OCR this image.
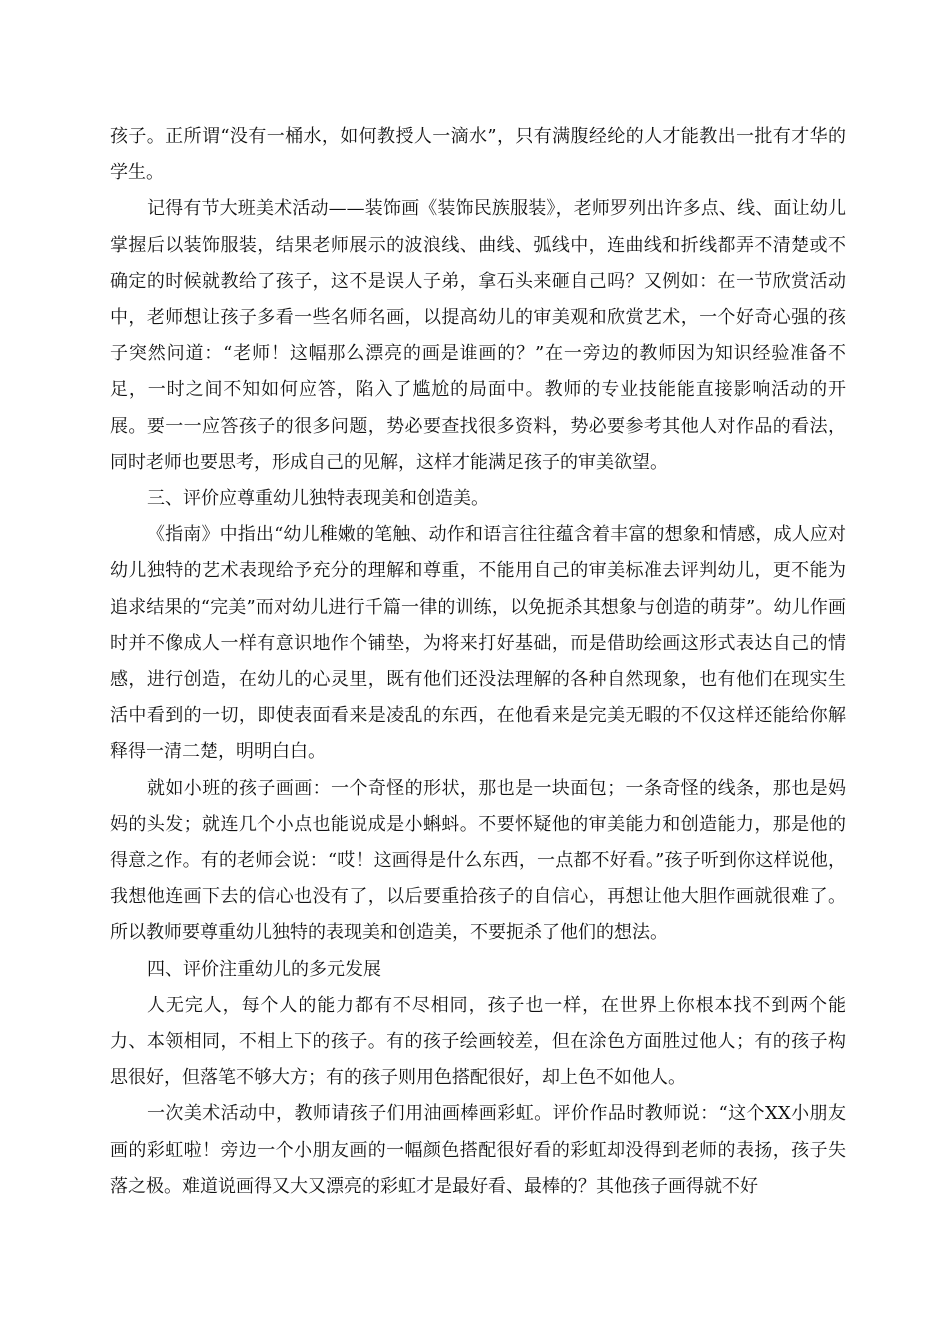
孩子。正所谓“没有一桶水，如何教授人一滴水”，只有满腹经纶的人才能教出一批有才华的学生。

记得有节大班美术活动——装饰画《装饰民族服装》，老师罗列出许多点、线、面让幼儿掌握后以装饰服装，结果老师展示的波浪线、曲线、弧线中，连曲线和折线都弄不清楚或不确定的时候就教给了孩子，这不是误人子弟，拿石头来砸自己吗？又例如：在一节欣赏活动中，老师想让孩子多看一些名师名画，以提高幼儿的审美观和欣赏艺术，一个好奇心强的孩子突然问道：“老师！这幅那么漂亮的画是谁画的？”在一旁边的教师因为知识经验准备不足，一时之间不知如何应答，陷入了尴尬的局面中。教师的专业技能能直接影响活动的开展。要一一应答孩子的很多问题，势必要查找很多资料，势必要参考其他人对作品的看法，同时老师也要思考，形成自己的见解，这样才能满足孩子的审美欲望。

三、评价应尊重幼儿独特表现美和创造美。

《指南》中指出“幼儿稚嫩的笔触、动作和语言往往蕴含着丰富的想象和情感，成人应对幼儿独特的艺术表现给予充分的理解和尊重，不能用自己的审美标准去评判幼儿，更不能为追求结果的“完美”而对幼儿进行千篇一律的训练，以免扼杀其想象与创造的萌芽”。幼儿作画时并不像成人一样有意识地作个铺垫，为将来打好基础，而是借助绘画这形式表达自己的情感，进行创造，在幼儿的心灵里，既有他们还没法理解的各种自然现象，也有他们在现实生活中看到的一切，即使表面看来是凌乱的东西，在他看来是完美无暇的不仅这样还能给你解释得一清二楚，明明白白。

就如小班的孩子画画：一个奇怪的形状，那也是一块面包；一条奇怪的线条，那也是妈妈的头发；就连几个小点也能说成是小蝌蚪。不要怀疑他的审美能力和创造能力，那是他的得意之作。有的老师会说：“哎！这画得是什么东西，一点都不好看。”孩子听到你这样说他，我想他连画下去的信心也没有了，以后要重拾孩子的自信心，再想让他大胆作画就很难了。所以教师要尊重幼儿独特的表现美和创造美，不要扼杀了他们的想法。

四、评价注重幼儿的多元发展

人无完人，每个人的能力都有不尽相同，孩子也一样，在世界上你根本找不到两个能力、本领相同，不相上下的孩子。有的孩子绘画较差，但在涂色方面胜过他人；有的孩子构思很好，但落笔不够大方；有的孩子则用色搭配很好，却上色不如他人。

一次美术活动中，教师请孩子们用油画棒画彩虹。评价作品时教师说：“这个XX小朋友画的彩虹啦！旁边一个小朋友画的一幅颜色搭配很好看的彩虹却没得到老师的表扬，孩子失落之极。难道说画得又大又漂亮的彩虹才是最好看、最棒的？其他孩子画得就不好
